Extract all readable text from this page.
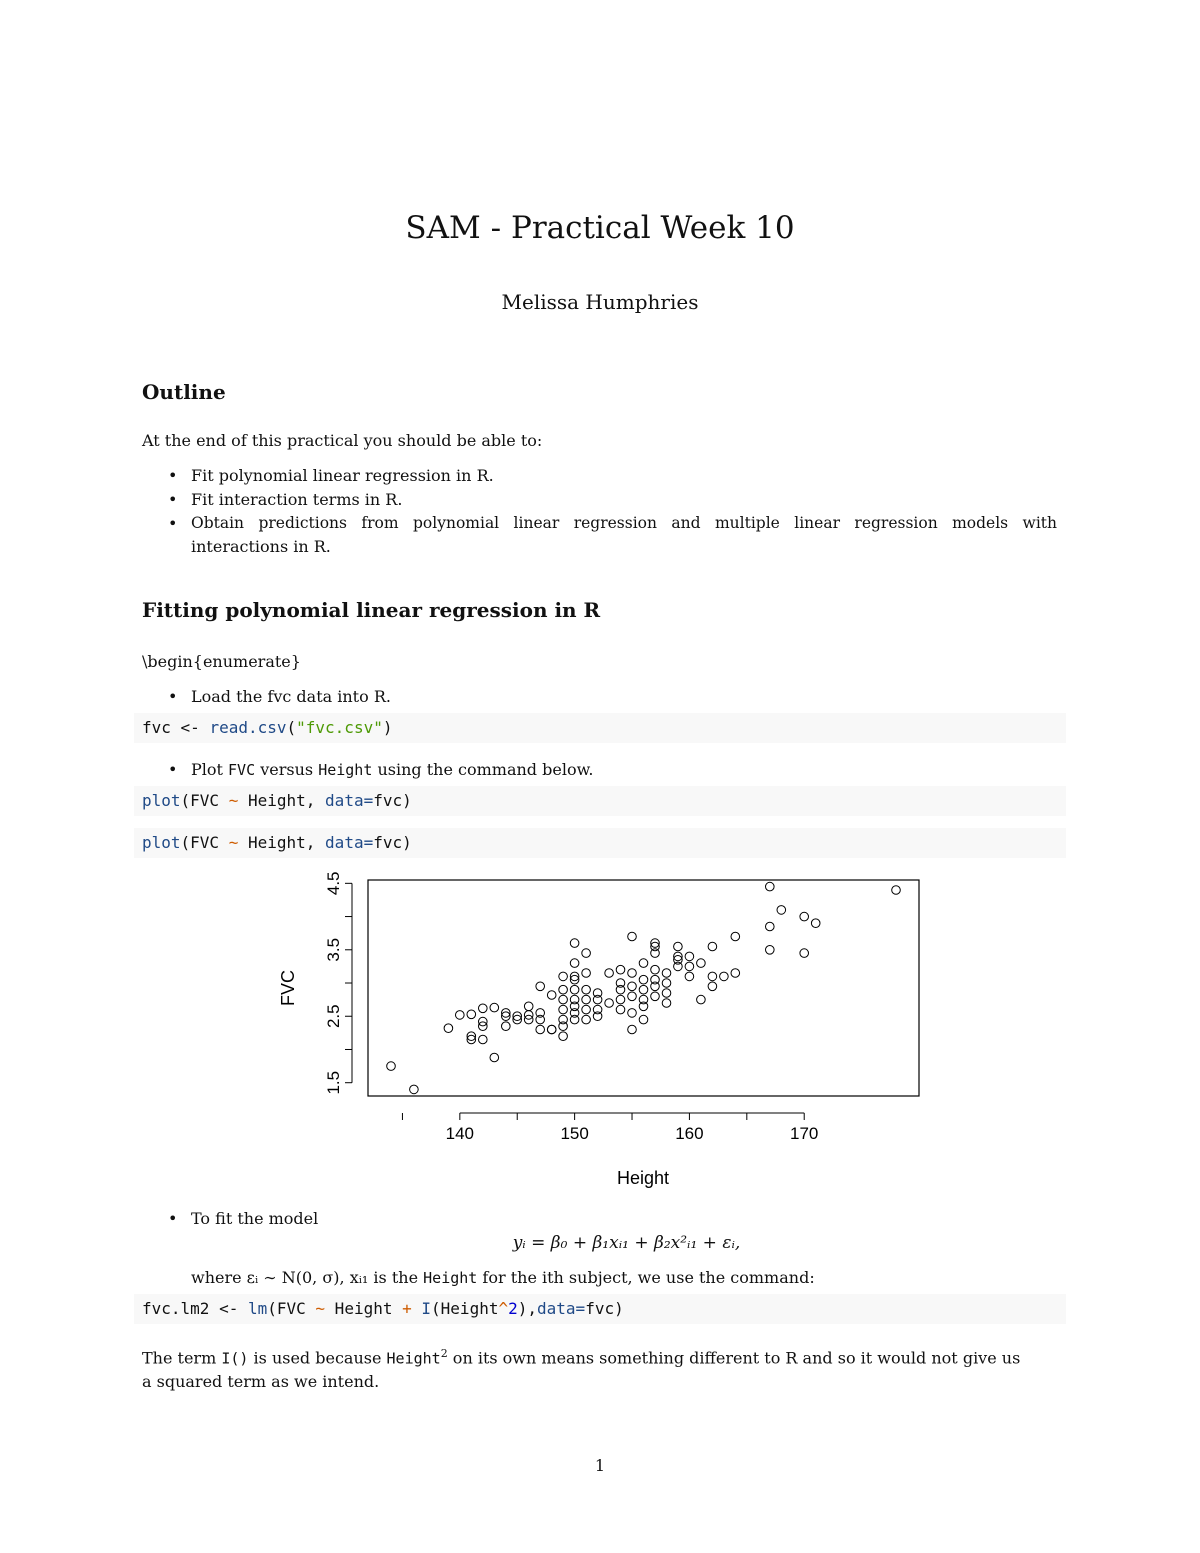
SAM - Practical Week 10
Melissa Humphries
Outline
At the end of this practical you should be able to:
• Fit polynomial linear regression in R.
• Fit interaction terms in R.
• Obtain predictions from polynomial linear regression and multiple linear regression models with
interactions in R.
Fitting polynomial linear regression in R
\begin{enumerate}
• Load the fvc data into R.
fvc <- read.csv("fvc.csv")
• Plot FVC versus Height using the command below.
plot(FVC ~ Height, data=fvc)
plot(FVC ~ Height, data=fvc)
140	150	160	170
1.5
2.5
3.5
4.5
Height
FVC
• To fit the model
yᵢ = β₀ + β₁xᵢ₁ + β₂x²ᵢ₁ + εᵢ,
where εᵢ ∼ N(0, σ), xᵢ₁ is the Height for the ith subject, we use the command:
fvc.lm2 <- lm(FVC ~ Height + I(Height^2),data=fvc)
The term I() is used because Height$^2$ on its own means something different to R and so it would not give us
a squared term as we intend.
1
